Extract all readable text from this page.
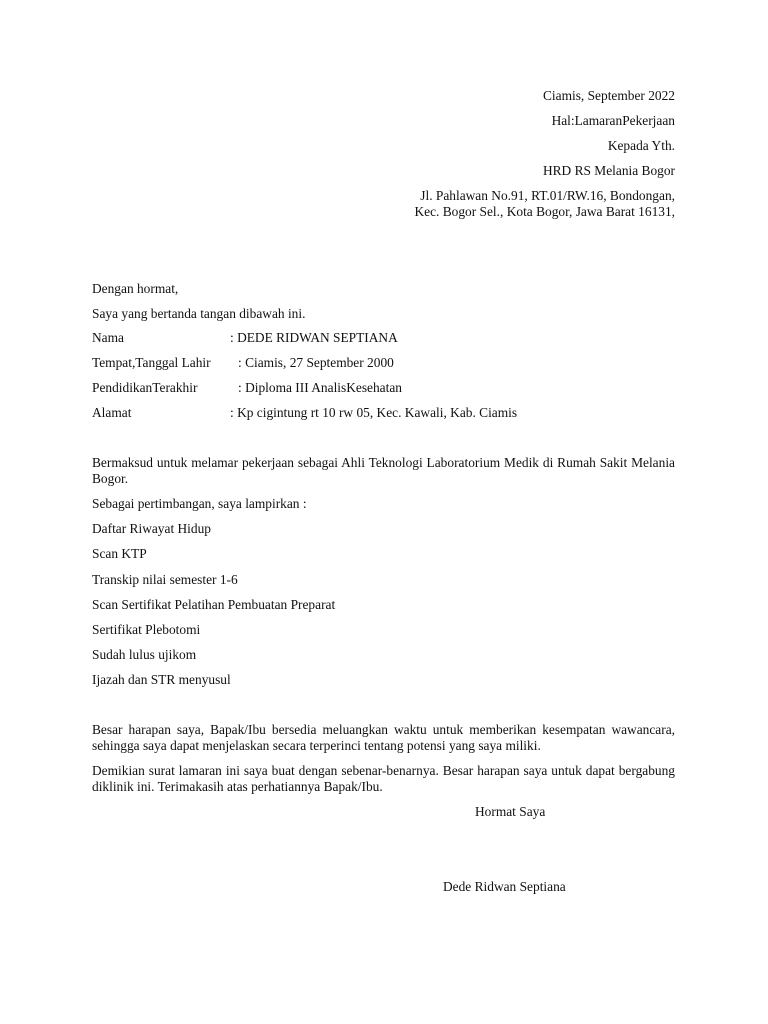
Ciamis, September 2022
Hal:LamaranPekerjaan
Kepada Yth.
HRD RS Melania Bogor
Jl. Pahlawan No.91, RT.01/RW.16, Bondongan,
Kec. Bogor Sel., Kota Bogor, Jawa Barat 16131,
Dengan hormat,
Saya yang bertanda tangan dibawah ini.
Nama	: DEDE RIDWAN SEPTIANA
Tempat,Tanggal Lahir : Ciamis, 27 September 2000
PendidikanTerakhir	: Diploma III AnalisKesehatan
Alamat	: Kp cigintung rt 10 rw 05, Kec. Kawali, Kab. Ciamis
Bermaksud untuk melamar pekerjaan sebagai Ahli Teknologi Laboratorium Medik di Rumah Sakit Melania Bogor.
Sebagai pertimbangan, saya lampirkan :
Daftar Riwayat Hidup
Scan KTP
Transkip nilai semester 1-6
Scan Sertifikat Pelatihan Pembuatan Preparat
Sertifikat Plebotomi
Sudah lulus ujikom
Ijazah dan STR menyusul
Besar harapan saya, Bapak/Ibu bersedia meluangkan waktu untuk memberikan kesempatan wawancara, sehingga saya dapat menjelaskan secara terperinci tentang potensi yang saya miliki.
Demikian surat lamaran ini saya buat dengan sebenar-benarnya. Besar harapan saya untuk dapat bergabung diklinik ini. Terimakasih atas perhatiannya Bapak/Ibu.
Hormat Saya
Dede Ridwan Septiana
